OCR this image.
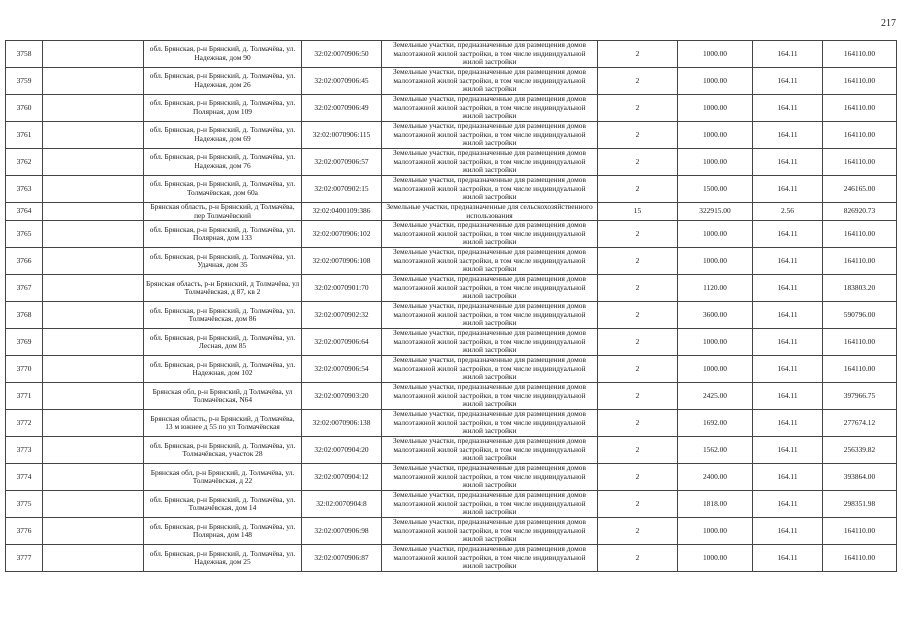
217
3758		обл. Брянская, р-н Брянский, д. Толмачёва, ул. Надежная, дом 90	32:02:0070906:50	Земельные участки, предназначенные для размещения домов малоэтажной жилой застройки, в том числе индивидуальной жилой застройки	2	1000.00	164.11	164110.00
3759		обл. Брянская, р-н Брянский, д. Толмачёва, ул. Надежная, дом 26	32:02:0070906:45	Земельные участки, предназначенные для размещения домов малоэтажной жилой застройки, в том числе индивидуальной жилой застройки	2	1000.00	164.11	164110.00
3760		обл. Брянская, р-н Брянский, д. Толмачёва, ул. Полярная, дом 109	32:02:0070906:49	Земельные участки, предназначенные для размещения домов малоэтажной жилой застройки, в том числе индивидуальной жилой застройки	2	1000.00	164.11	164110.00
3761		обл. Брянская, р-н Брянский, д. Толмачёва, ул. Надежная, дом 69	32:02:0070906:115	Земельные участки, предназначенные для размещения домов малоэтажной жилой застройки, в том числе индивидуальной жилой застройки	2	1000.00	164.11	164110.00
3762		обл. Брянская, р-н Брянский, д. Толмачёва, ул. Надежная, дом 76	32:02:0070906:57	Земельные участки, предназначенные для размещения домов малоэтажной жилой застройки, в том числе индивидуальной жилой застройки	2	1000.00	164.11	164110.00
3763		обл. Брянская, р-н Брянский, д. Толмачёва, ул. Толмачёвская, дом 60а	32:02:0070902:15	Земельные участки, предназначенные для размещения домов малоэтажной жилой застройки, в том числе индивидуальной жилой застройки	2	1500.00	164.11	246165.00
3764		Брянская область, р-н Брянский, д Толмачёва, пер Толмачёвский	32:02:0400109:386	Земельные участки, предназначенные для сельскохозяйственного использования	15	322915.00	2.56	826920.73
3765		обл. Брянская, р-н Брянский, д. Толмачёва, ул. Полярная, дом 133	32:02:0070906:102	Земельные участки, предназначенные для размещения домов малоэтажной жилой застройки, в том числе индивидуальной жилой застройки	2	1000.00	164.11	164110.00
3766		обл. Брянская, р-н Брянский, д. Толмачёва, ул. Удачная, дом 35	32:02:0070906:108	Земельные участки, предназначенные для размещения домов малоэтажной жилой застройки, в том числе индивидуальной жилой застройки	2	1000.00	164.11	164110.00
3767		Брянская область, р-н Брянский, д Толмачёва, ул Толмачёвская, д 87, кв 2	32:02:0070901:70	Земельные участки, предназначенные для размещения домов малоэтажной жилой застройки, в том числе индивидуальной жилой застройки	2	1120.00	164.11	183803.20
3768		обл. Брянская, р-н Брянский, д. Толмачёва, ул. Толмачёвская, дом 86	32:02:0070902:32	Земельные участки, предназначенные для размещения домов малоэтажной жилой застройки, в том числе индивидуальной жилой застройки	2	3600.00	164.11	590796.00
3769		обл. Брянская, р-н Брянский, д. Толмачёва, ул. Лесная, дом 85	32:02:0070906:64	Земельные участки, предназначенные для размещения домов малоэтажной жилой застройки, в том числе индивидуальной жилой застройки	2	1000.00	164.11	164110.00
3770		обл. Брянская, р-н Брянский, д. Толмачёва, ул. Надежная, дом 102	32:02:0070906:54	Земельные участки, предназначенные для размещения домов малоэтажной жилой застройки, в том числе индивидуальной жилой застройки	2	1000.00	164.11	164110.00
3771		Брянская обл, р-н Брянский, д Толмачёва, ул Толмачёвская, N64	32:02:0070903:20	Земельные участки, предназначенные для размещения домов малоэтажной жилой застройки, в том числе индивидуальной жилой застройки	2	2425.00	164.11	397966.75
3772		Брянская область, р-н Брянский, д Толмачёва, 13 м южнее д 55 по ул Толмачёвская	32:02:0070906:138	Земельные участки, предназначенные для размещения домов малоэтажной жилой застройки, в том числе индивидуальной жилой застройки	2	1692.00	164.11	277674.12
3773		обл. Брянская, р-н Брянский, д. Толмачёва, ул. Толмачёвская, участок 28	32:02:0070904:20	Земельные участки, предназначенные для размещения домов малоэтажной жилой застройки, в том числе индивидуальной жилой застройки	2	1562.00	164.11	256339.82
3774		Брянская обл, р-н Брянский, д. Толмачёва, ул. Толмачёвская, д 22	32:02:0070904:12	Земельные участки, предназначенные для размещения домов малоэтажной жилой застройки, в том числе индивидуальной жилой застройки	2	2400.00	164.11	393864.00
3775		обл. Брянская, р-н Брянский, д. Толмачёва, ул. Толмачёвская, дом 14	32:02:0070904:8	Земельные участки, предназначенные для размещения домов малоэтажной жилой застройки, в том числе индивидуальной жилой застройки	2	1818.00	164.11	298351.98
3776		обл. Брянская, р-н Брянский, д. Толмачёва, ул. Полярная, дом 148	32:02:0070906:98	Земельные участки, предназначенные для размещения домов малоэтажной жилой застройки, в том числе индивидуальной жилой застройки	2	1000.00	164.11	164110.00
3777		обл. Брянская, р-н Брянский, д. Толмачёва, ул. Надежная, дом 25	32:02:0070906:87	Земельные участки, предназначенные для размещения домов малоэтажной жилой застройки, в том числе индивидуальной жилой застройки	2	1000.00	164.11	164110.00
